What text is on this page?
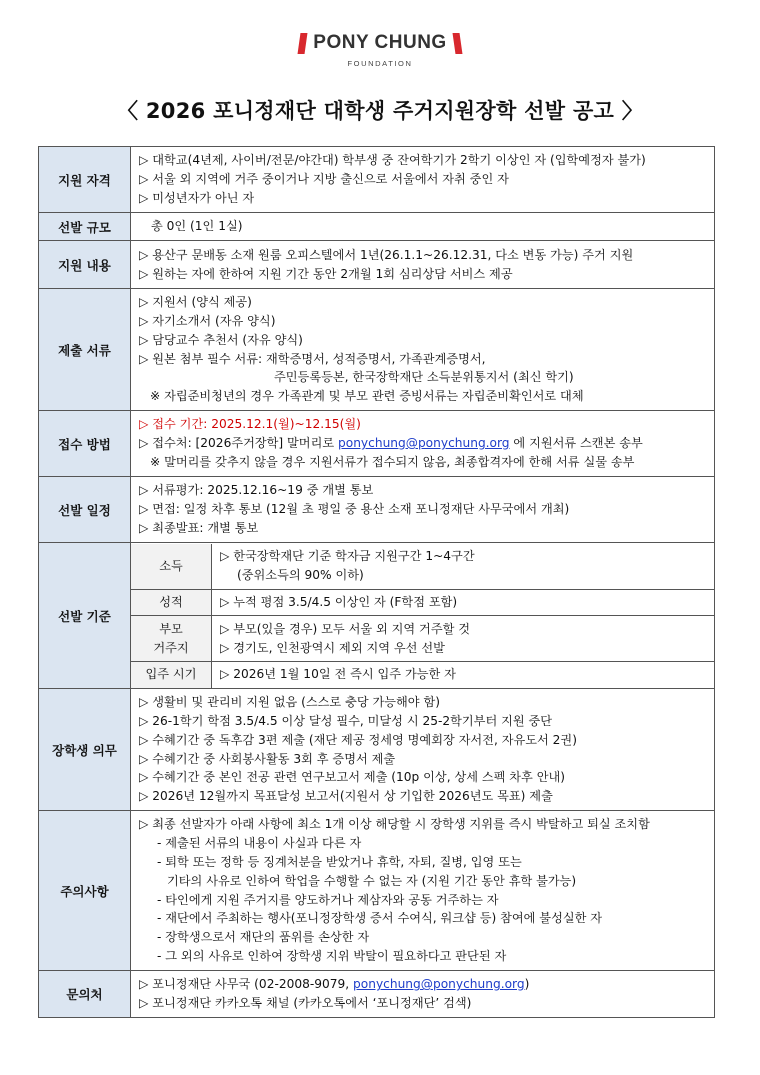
PONY CHUNG
FOUNDATION
〈 2026 포니정재단 대학생 주거지원장학 선발 공고 〉
지원 자격	
▷ 대학교(4년제, 사이버/전문/야간대) 학부생 중 잔여학기가 2학기 이상인 자 (입학예정자 불가)
▷ 서울 외 지역에 거주 중이거나 지방 출신으로 서울에서 자취 중인 자
▷ 미성년자가 아닌 자

선발 규모	총 0인 (1인 1실)

지원 내용	
▷ 용산구 문배동 소재 원룸 오피스텔에서 1년(26.1.1~26.12.31, 다소 변동 가능) 주거 지원
▷ 원하는 자에 한하여 지원 기간 동안 2개월 1회 심리상담 서비스 제공

제출 서류	
▷ 지원서 (양식 제공)
▷ 자기소개서 (자유 양식)
▷ 담당교수 추천서 (자유 양식)
▷ 원본 첨부 필수 서류: 재학증명서, 성적증명서, 가족관계증명서,
주민등록등본, 한국장학재단 소득분위통지서 (최신 학기)
※ 자립준비청년의 경우 가족관계 및 부모 관련 증빙서류는 자립준비확인서로 대체

접수 방법	
▷ 접수 기간: 2025.12.1(월)~12.15(월)
▷ 접수처: [2026주거장학] 말머리로 ponychung@ponychung.org 에 지원서류 스캔본 송부
※ 말머리를 갖추지 않을 경우 지원서류가 접수되지 않음, 최종합격자에 한해 서류 실물 송부

선발 일정	
▷ 서류평가: 2025.12.16~19 중 개별 통보
▷ 면접: 일정 차후 통보 (12월 초 평일 중 용산 소재 포니정재단 사무국에서 개최)
▷ 최종발표: 개별 통보

선발 기준	
소득	
▷ 한국장학재단 기준 학자금 지원구간 1~4구간
(중위소득의 90% 이하)

성적	▷ 누적 평점 3.5/4.5 이상인 자 (F학점 포함)

부모
거주지

▷ 부모(있을 경우) 모두 서울 외 지역 거주할 것
▷ 경기도, 인천광역시 제외 지역 우선 선발

입주 시기	▷ 2026년 1월 10일 전 즉시 입주 가능한 자

장학생 의무	
▷ 생활비 및 관리비 지원 없음 (스스로 충당 가능해야 함)
▷ 26-1학기 학점 3.5/4.5 이상 달성 필수, 미달성 시 25-2학기부터 지원 중단
▷ 수혜기간 중 독후감 3편 제출 (재단 제공 정세영 명예회장 자서전, 자유도서 2권)
▷ 수혜기간 중 사회봉사활동 3회 후 증명서 제출
▷ 수혜기간 중 본인 전공 관련 연구보고서 제출 (10p 이상, 상세 스펙 차후 안내)
▷ 2026년 12월까지 목표달성 보고서(지원서 상 기입한 2026년도 목표) 제출

주의사항	
▷ 최종 선발자가 아래 사항에 최소 1개 이상 해당할 시 장학생 지위를 즉시 박탈하고 퇴실 조치함
- 제출된 서류의 내용이 사실과 다른 자
- 퇴학 또는 정학 등 징계처분을 받았거나 휴학, 자퇴, 질병, 입영 또는
기타의 사유로 인하여 학업을 수행할 수 없는 자 (지원 기간 동안 휴학 불가능)
- 타인에게 지원 주거지를 양도하거나 제삼자와 공동 거주하는 자
- 재단에서 주최하는 행사(포니정장학생 증서 수여식, 워크샵 등) 참여에 불성실한 자
- 장학생으로서 재단의 품위를 손상한 자
- 그 외의 사유로 인하여 장학생 지위 박탈이 필요하다고 판단된 자

문의처	
▷ 포니정재단 사무국 (02-2008-9079, ponychung@ponychung.org)
▷ 포니정재단 카카오톡 채널 (카카오톡에서 ‘포니정재단’ 검색)
